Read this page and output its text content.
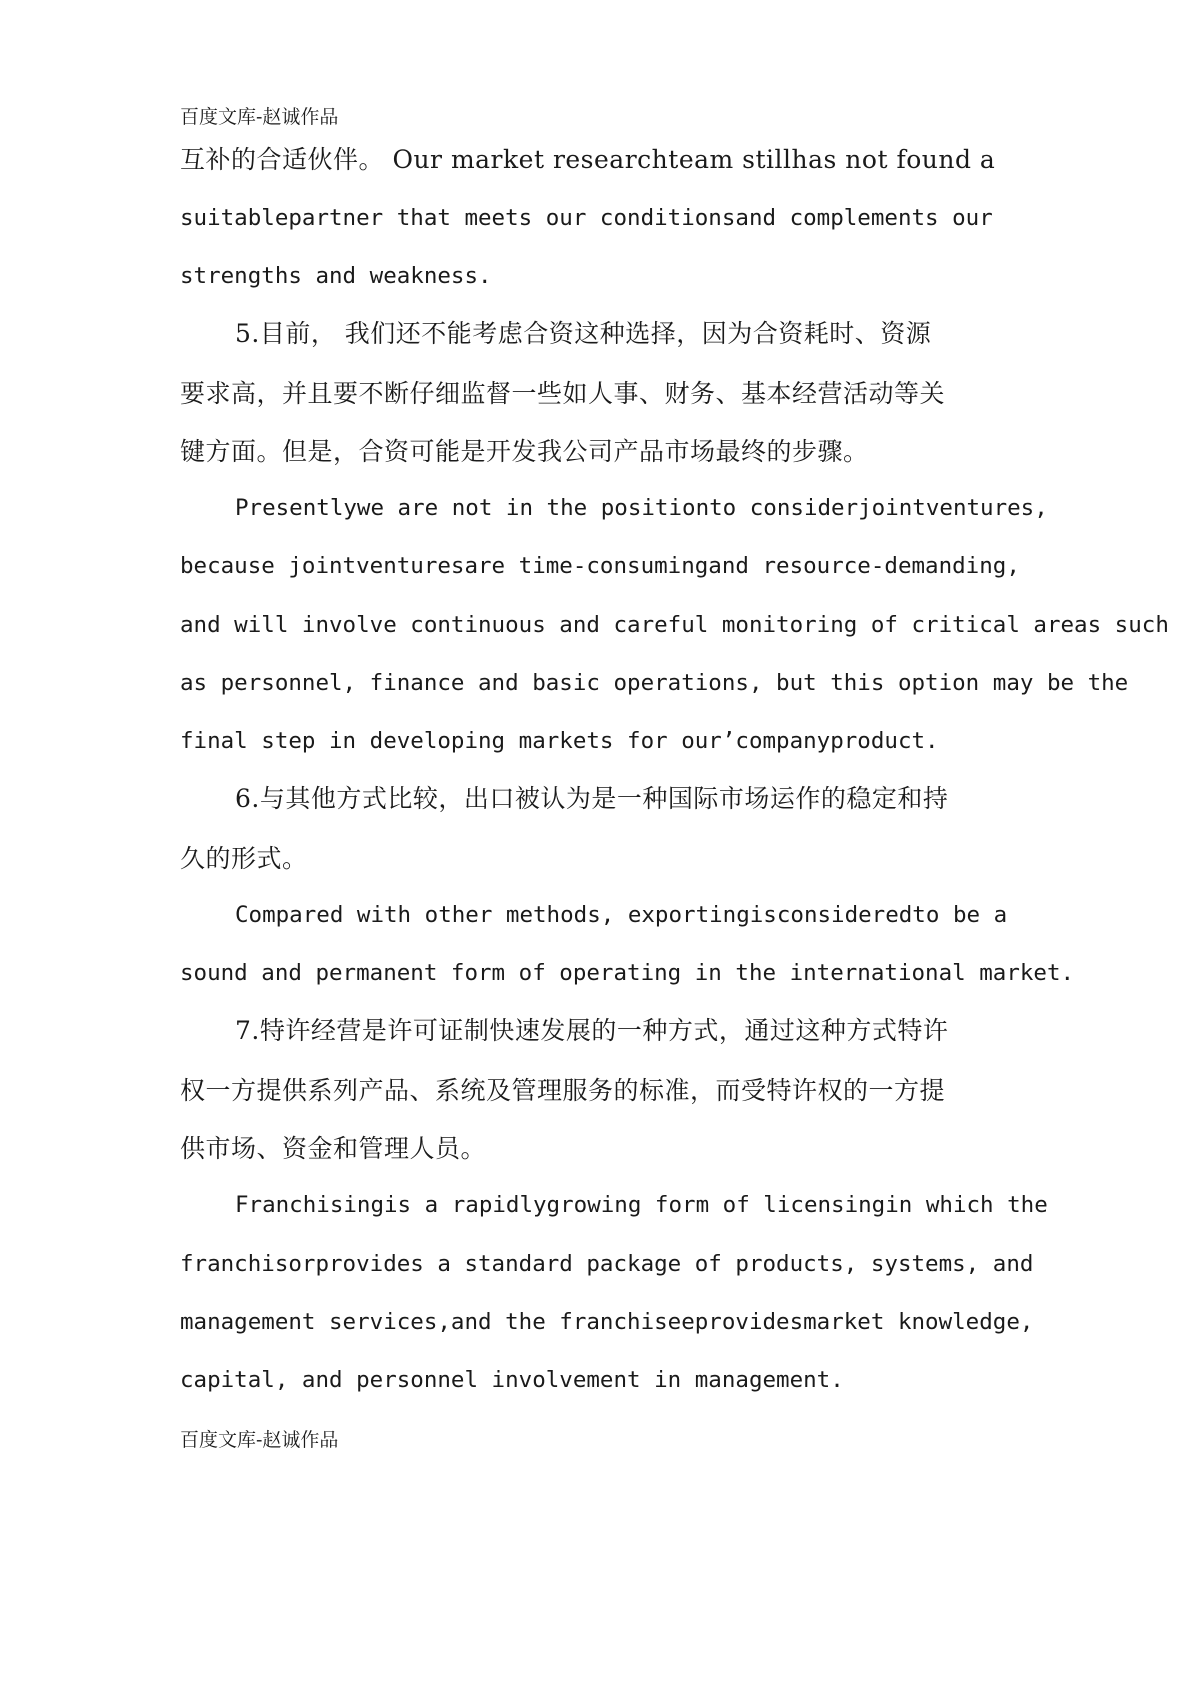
百度文库-赵诚作品
互补的合适伙伴。 Our market researchteam stillhas not found a
suitablepartner that meets our conditionsand complements our
strengths and weakness.
5.目前， 我们还不能考虑合资这种选择，因为合资耗时、资源
要求高，并且要不断仔细监督一些如人事、财务、基本经营活动等关
键方面。但是，合资可能是开发我公司产品市场最终的步骤。
Presentlywe are not in the positionto considerjointventures,
because jointventuresare time-consumingand resource-demanding,
and will involve continuous and careful monitoring of critical areas such
as personnel, finance and basic operations, but this option may be the
final step in developing markets for our’companyproduct.
6.与其他方式比较，出口被认为是一种国际市场运作的稳定和持
久的形式。
Compared with other methods, exportingisconsideredto be a
sound and permanent form of operating in the international market.
7.特许经营是许可证制快速发展的一种方式，通过这种方式特许
权一方提供系列产品、系统及管理服务的标准，而受特许权的一方提
供市场、资金和管理人员。
Franchisingis a rapidlygrowing form of licensingin which the
franchisorprovides a standard package of products, systems, and
management services,and the franchiseeprovidesmarket knowledge,
capital, and personnel involvement in management.
百度文库-赵诚作品
